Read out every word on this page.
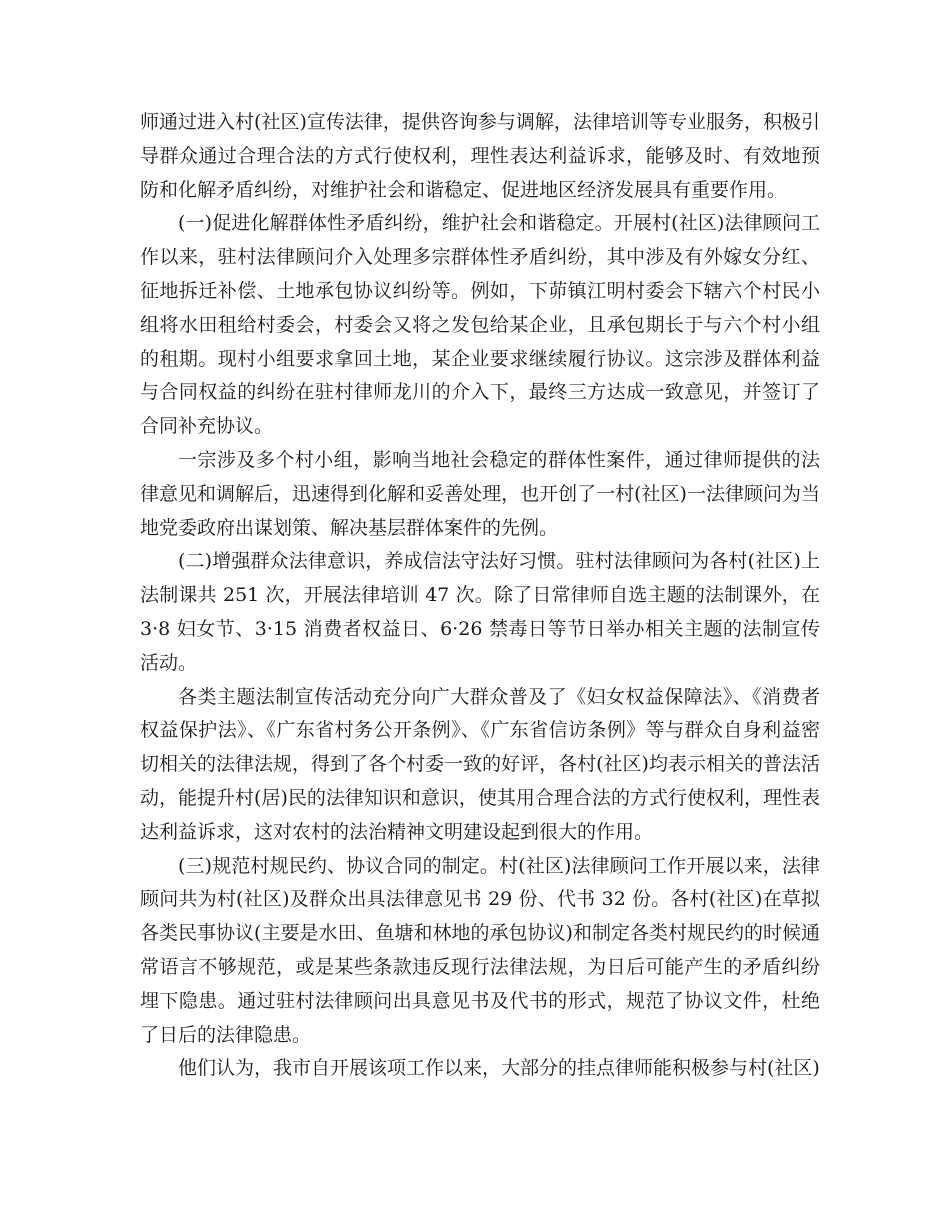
师通过进入村(社区)宣传法律，提供咨询参与调解，法律培训等专业服务，积极引导群众通过合理合法的方式行使权利，理性表达利益诉求，能够及时、有效地预防和化解矛盾纠纷，对维护社会和谐稳定、促进地区经济发展具有重要作用。

(一)促进化解群体性矛盾纠纷，维护社会和谐稳定。开展村(社区)法律顾问工作以来，驻村法律顾问介入处理多宗群体性矛盾纠纷，其中涉及有外嫁女分红、征地拆迁补偿、土地承包协议纠纷等。例如，下茆镇江明村委会下辖六个村民小组将水田租给村委会，村委会又将之发包给某企业，且承包期长于与六个村小组的租期。现村小组要求拿回土地，某企业要求继续履行协议。这宗涉及群体利益与合同权益的纠纷在驻村律师龙川的介入下，最终三方达成一致意见，并签订了合同补充协议。

一宗涉及多个村小组，影响当地社会稳定的群体性案件，通过律师提供的法律意见和调解后，迅速得到化解和妥善处理，也开创了一村(社区)一法律顾问为当地党委政府出谋划策、解决基层群体案件的先例。

(二)增强群众法律意识，养成信法守法好习惯。驻村法律顾问为各村(社区)上法制课共 251 次，开展法律培训 47 次。除了日常律师自选主题的法制课外，在3·8 妇女节、3·15 消费者权益日、6·26 禁毒日等节日举办相关主题的法制宣传活动。

各类主题法制宣传活动充分向广大群众普及了《妇女权益保障法》、《消费者权益保护法》、《广东省村务公开条例》、《广东省信访条例》等与群众自身利益密切相关的法律法规，得到了各个村委一致的好评，各村(社区)均表示相关的普法活动，能提升村(居)民的法律知识和意识，使其用合理合法的方式行使权利，理性表达利益诉求，这对农村的法治精神文明建设起到很大的作用。

(三)规范村规民约、协议合同的制定。村(社区)法律顾问工作开展以来，法律顾问共为村(社区)及群众出具法律意见书 29 份、代书 32 份。各村(社区)在草拟各类民事协议(主要是水田、鱼塘和林地的承包协议)和制定各类村规民约的时候通常语言不够规范，或是某些条款违反现行法律法规，为日后可能产生的矛盾纠纷埋下隐患。通过驻村法律顾问出具意见书及代书的形式，规范了协议文件，杜绝了日后的法律隐患。

他们认为，我市自开展该项工作以来，大部分的挂点律师能积极参与村(社区)
